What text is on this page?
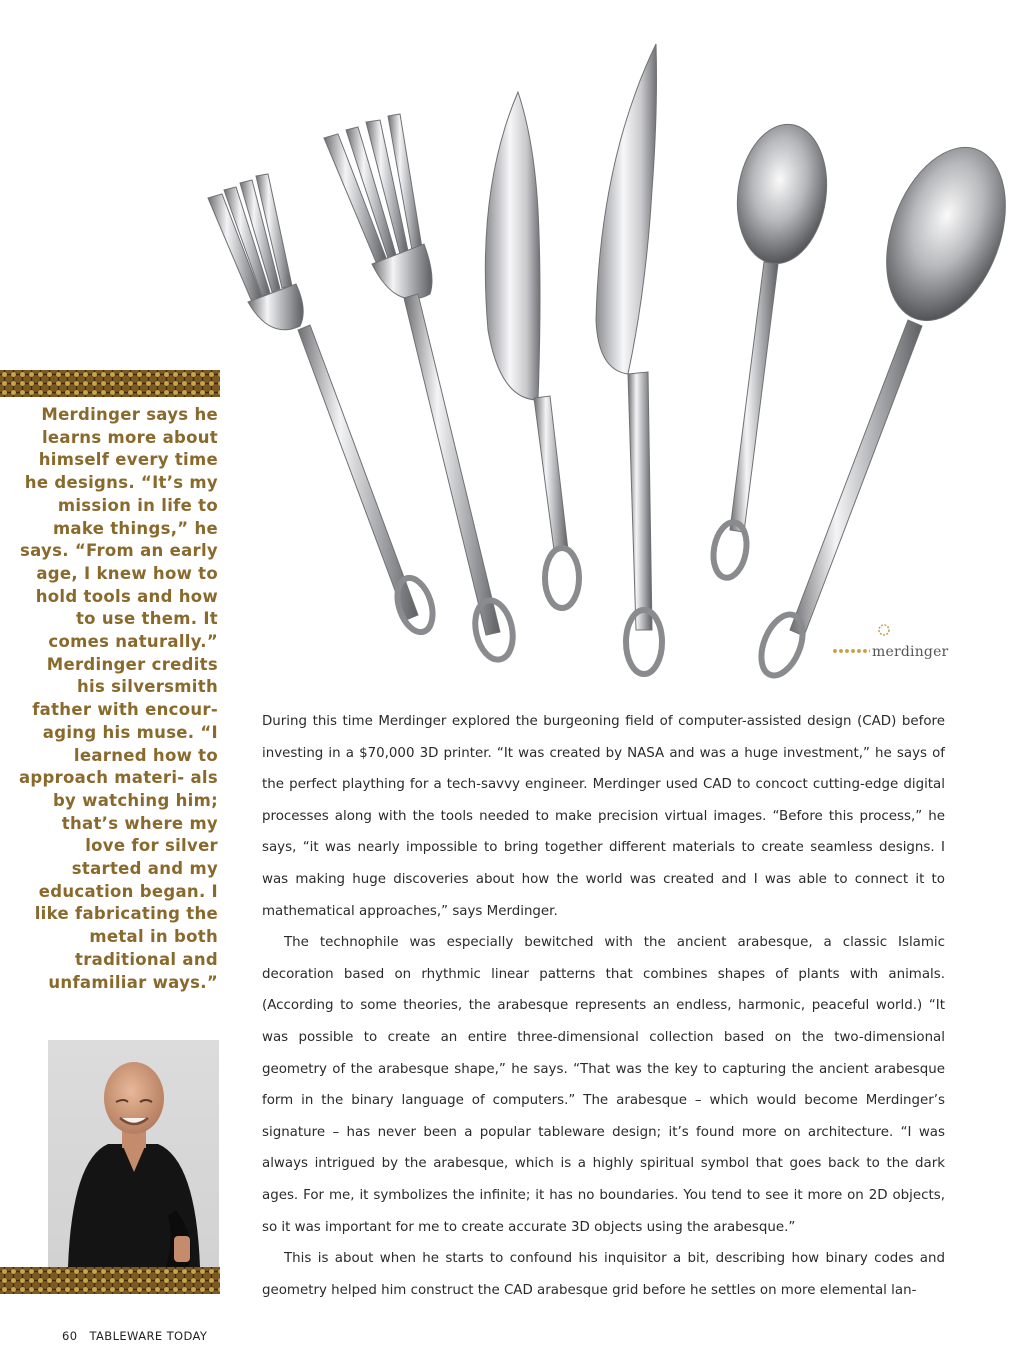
Merdinger says he learns more about himself every time he designs. “It’s my mission in life to make things,” he says. “From an early age, I knew how to hold tools and how to use them. It comes naturally.” Merdinger credits his silversmith father with encour- aging his muse. “I learned how to approach materi- als by watching him; that’s where my love for silver started and my education began. I like fabricating the metal in both traditional and unfamiliar ways.”
merdinger

During this time Merdinger explored the burgeoning field of computer-assisted design (CAD) before investing in a $70,000 3D printer. “It was created by NASA and was a huge investment,” he says of the perfect plaything for a tech-savvy engineer. Merdinger used CAD to concoct cutting-edge digital processes along with the tools needed to make precision virtual images. “Before this process,” he says, “it was nearly impossible to bring together different materials to create seamless designs. I was making huge discoveries about how the world was created and I was able to connect it to mathematical approaches,” says Merdinger.

The technophile was especially bewitched with the ancient arabesque, a classic Islamic decoration based on rhythmic linear patterns that combines shapes of plants with animals. (According to some theories, the arabesque represents an endless, harmonic, peaceful world.) “It was possible to create an entire three-dimensional collection based on the two-dimensional geometry of the arabesque shape,” he says. “That was the key to capturing the ancient arabesque form in the binary language of computers.” The arabesque – which would become Merdinger’s signature – has never been a popular tableware design; it’s found more on architecture. “I was always intrigued by the arabesque, which is a highly spiritual symbol that goes back to the dark ages. For me, it symbolizes the infinite; it has no boundaries. You tend to see it more on 2D objects, so it was important for me to create accurate 3D objects using the arabesque.”

This is about when he starts to confound his inquisitor a bit, describing how binary codes and geometry helped him construct the CAD arabesque grid before he settles on more elemental lan-

60 TABLEWARE TODAY
